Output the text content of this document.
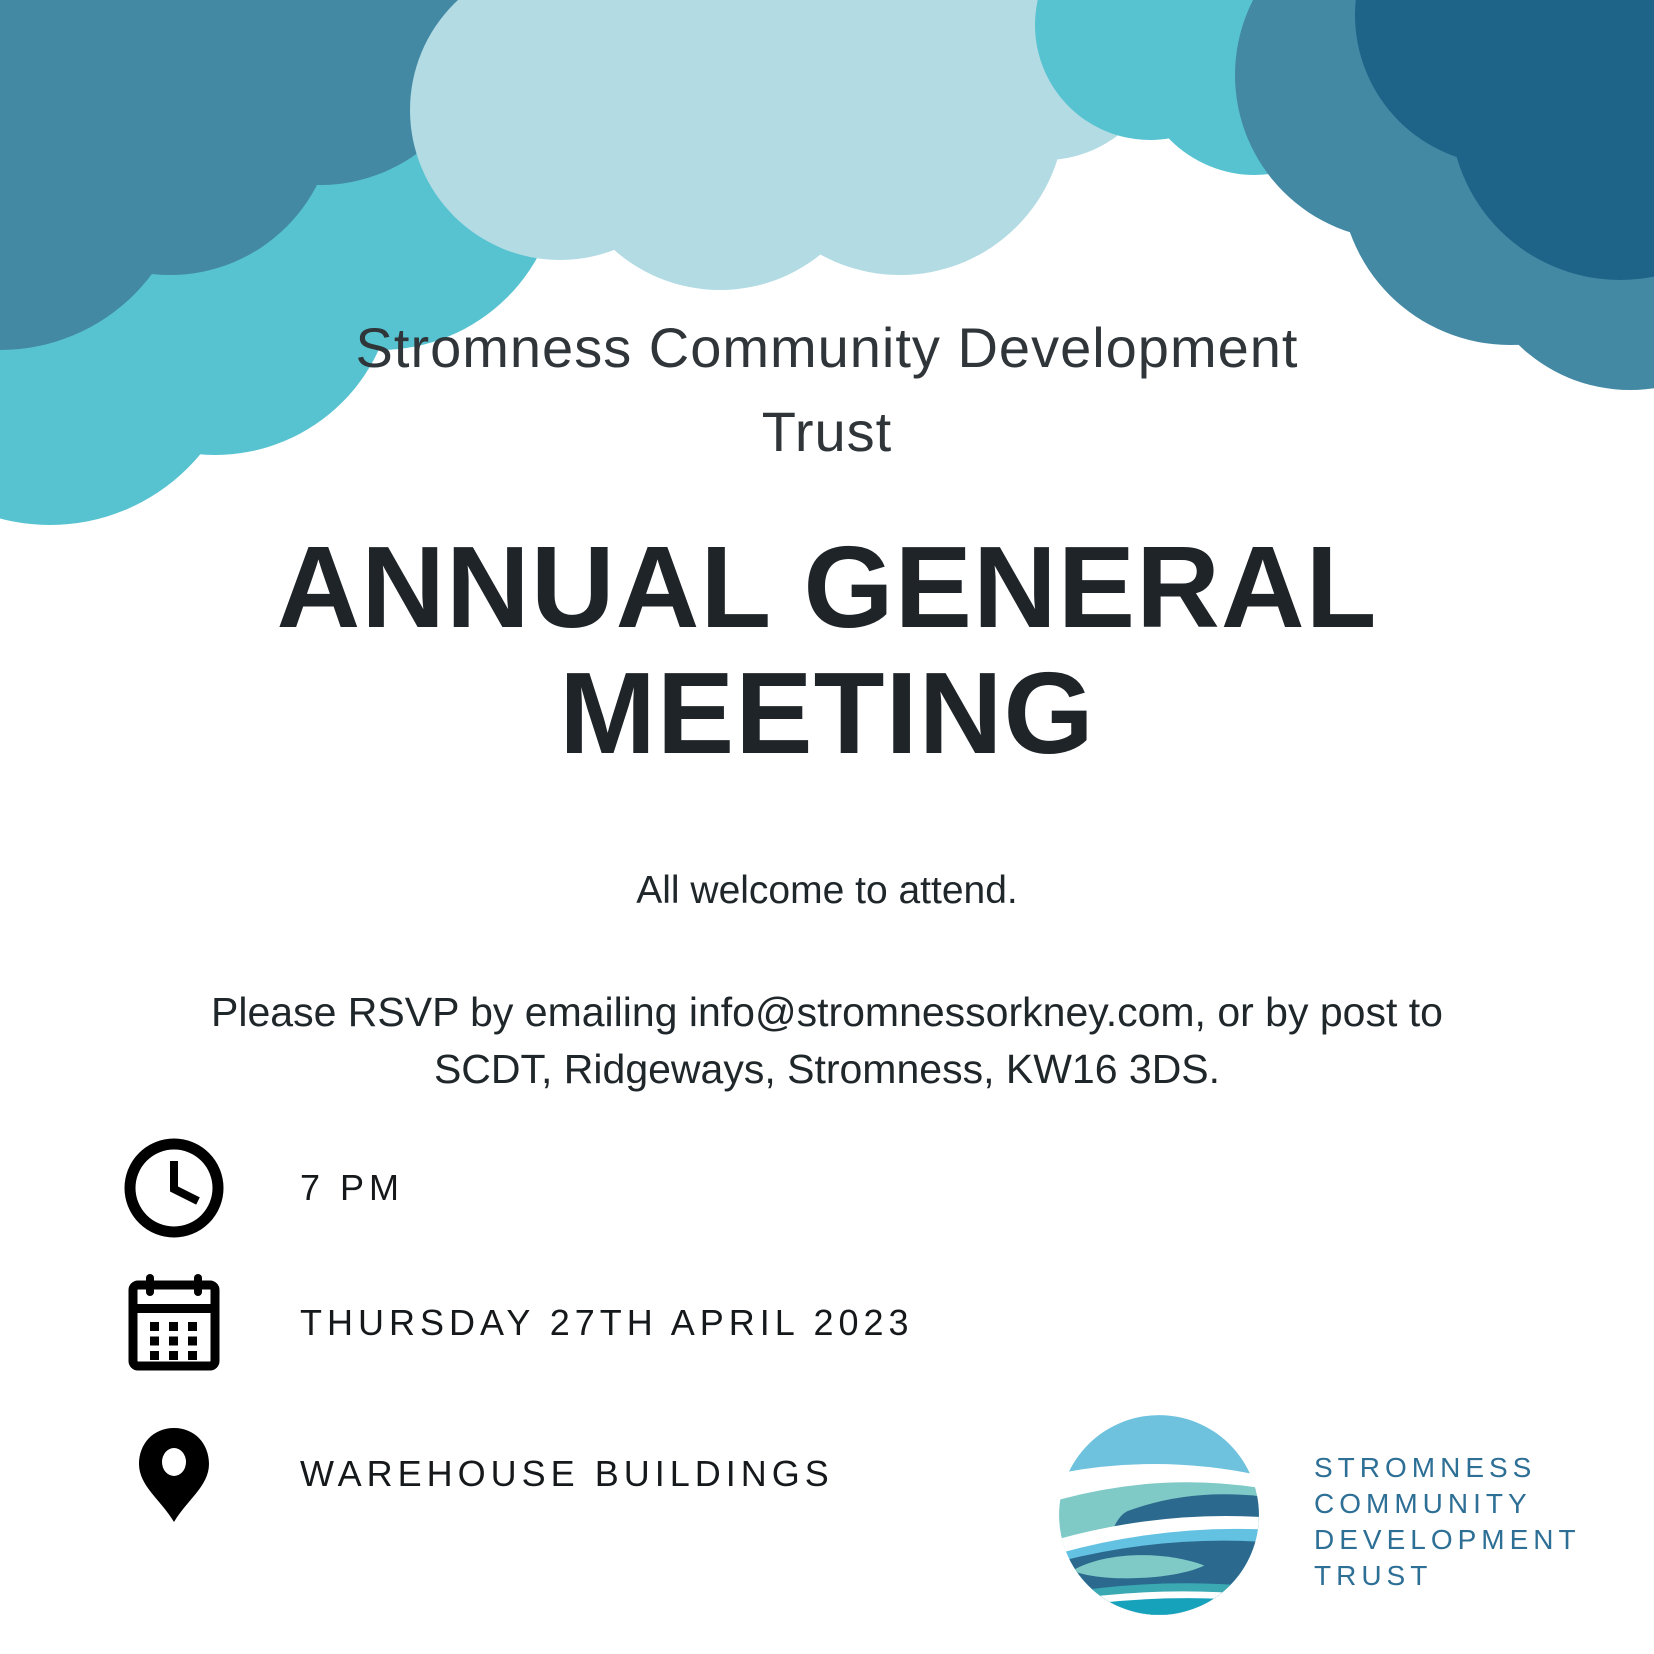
Stromness Community Development
Trust
ANNUAL GENERAL
MEETING
All welcome to attend.
Please RSVP by emailing info@stromnessorkney.com, or by post to SCDT, Ridgeways, Stromness, KW16 3DS.
7 PM
THURSDAY 27TH APRIL 2023
WAREHOUSE BUILDINGS	STROMNESS
COMMUNITY
DEVELOPMENT
TRUST
